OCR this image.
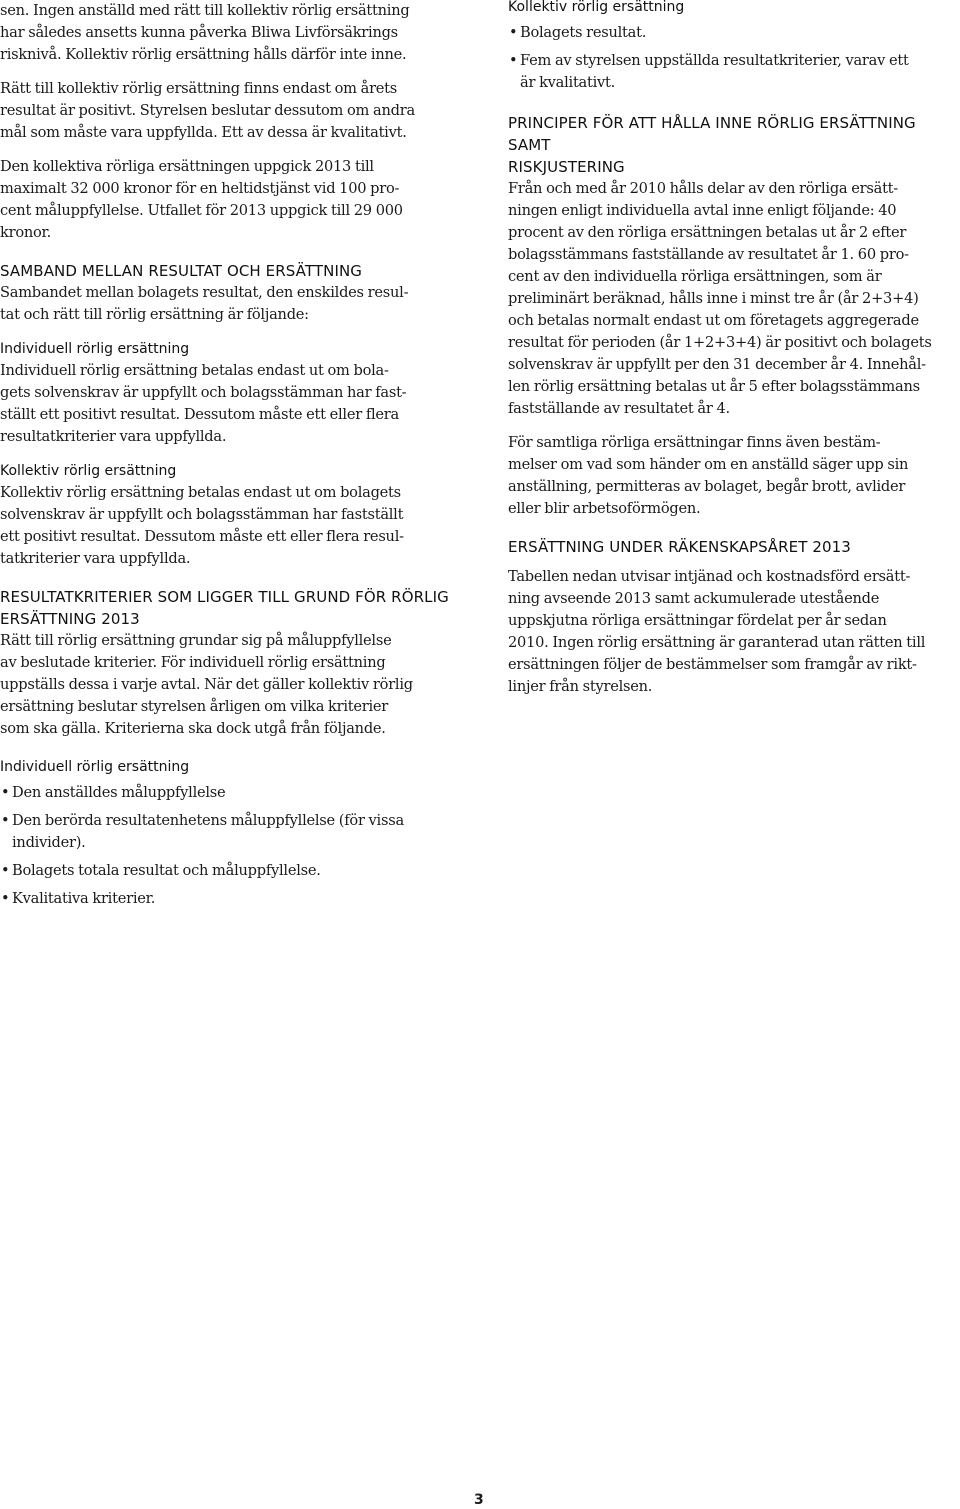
sen. Ingen anställd med rätt till kollektiv rörlig ersättning
har således ansetts kunna påverka Bliwa Livförsäkrings
risknivå. Kollektiv rörlig ersättning hålls därför inte inne.

Rätt till kollektiv rörlig ersättning finns endast om årets
resultat är positivt. Styrelsen beslutar dessutom om andra
mål som måste vara uppfyllda. Ett av dessa är kvalitativt.

Den kollektiva rörliga ersättningen uppgick 2013 till
maximalt 32 000 kronor för en heltidstjänst vid 100 pro-
cent måluppfyllelse. Utfallet för 2013 uppgick till 29 000
kronor.

SAMBAND MELLAN RESULTAT OCH ERSÄTTNING

Sambandet mellan bolagets resultat, den enskildes resul-
tat och rätt till rörlig ersättning är följande:

Individuell rörlig ersättning

Individuell rörlig ersättning betalas endast ut om bola-
gets solvenskrav är uppfyllt och bolagsstämman har fast-
ställt ett positivt resultat. Dessutom måste ett eller flera
resultatkriterier vara uppfyllda.

Kollektiv rörlig ersättning

Kollektiv rörlig ersättning betalas endast ut om bolagets
solvenskrav är uppfyllt och bolagsstämman har fastställt
ett positivt resultat. Dessutom måste ett eller flera resul-
tatkriterier vara uppfyllda.

RESULTATKRITERIER SOM LIGGER TILL GRUND FÖR RÖRLIG
ERSÄTTNING 2013

Rätt till rörlig ersättning grundar sig på måluppfyllelse
av beslutade kriterier. För individuell rörlig ersättning
uppställs dessa i varje avtal. När det gäller kollektiv rörlig
ersättning beslutar styrelsen årligen om vilka kriterier
som ska gälla. Kriterierna ska dock utgå från följande.

Individuell rörlig ersättning
• Den anställdes måluppfyllelse
• Den berörda resultatenhetens måluppfyllelse (för vissa
individer).
• Bolagets totala resultat och måluppfyllelse.
• Kvalitativa kriterier.
Kollektiv rörlig ersättning
• Bolagets resultat.
• Fem av styrelsen uppställda resultatkriterier, varav ett
är kvalitativt.
PRINCIPER FÖR ATT HÅLLA INNE RÖRLIG ERSÄTTNING SAMT
RISKJUSTERING

Från och med år 2010 hålls delar av den rörliga ersätt-
ningen enligt individuella avtal inne enligt följande: 40
procent av den rörliga ersättningen betalas ut år 2 efter
bolagsstämmans fastställande av resultatet år 1. 60 pro-
cent av den individuella rörliga ersättningen, som är
preliminärt beräknad, hålls inne i minst tre år (år 2+3+4)
och betalas normalt endast ut om företagets aggregerade
resultat för perioden (år 1+2+3+4) är positivt och bolagets
solvenskrav är uppfyllt per den 31 december år 4. Innehål-
len rörlig ersättning betalas ut år 5 efter bolagsstämmans
fastställande av resultatet år 4.

För samtliga rörliga ersättningar finns även bestäm-
melser om vad som händer om en anställd säger upp sin
anställning, permitteras av bolaget, begår brott, avlider
eller blir arbetsoförmögen.

ERSÄTTNING UNDER RÄKENSKAPSÅRET 2013

Tabellen nedan utvisar intjänad och kostnadsförd ersätt-
ning avseende 2013 samt ackumulerade utestående
uppskjutna rörliga ersättningar fördelat per år sedan
2010. Ingen rörlig ersättning är garanterad utan rätten till
ersättningen följer de bestämmelser som framgår av rikt-
linjer från styrelsen.

3
